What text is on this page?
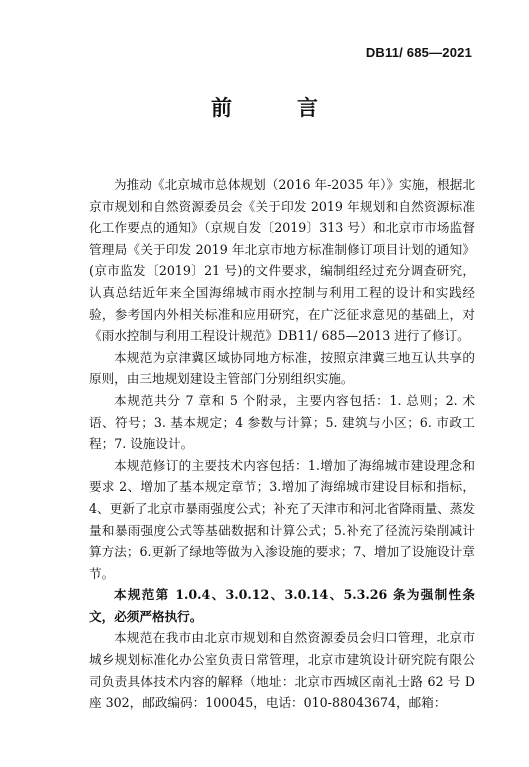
DB11/ 685—2021
前　言

为推动《北京城市总体规划（2016 年-2035 年）》实施，根据北京市规划和自然资源委员会《关于印发 2019 年规划和自然资源标准化工作要点的通知》（京规自发〔2019〕313 号）和北京市市场监督管理局《关于印发 2019 年北京市地方标准制修订项目计划的通知》(京市监发〔2019〕21 号)的文件要求，编制组经过充分调查研究，认真总结近年来全国海绵城市雨水控制与利用工程的设计和实践经验，参考国内外相关标准和应用研究，在广泛征求意见的基础上，对《雨水控制与利用工程设计规范》DB11/ 685—2013 进行了修订。

本规范为京津冀区域协同地方标准，按照京津冀三地互认共享的原则，由三地规划建设主管部门分别组织实施。

本规范共分 7 章和 5 个附录，主要内容包括：1. 总则；2. 术语、符号；3. 基本规定；4 参数与计算；5. 建筑与小区；6. 市政工程；7. 设施设计。

本规范修订的主要技术内容包括：1.增加了海绵城市建设理念和要求 2、增加了基本规定章节；3.增加了海绵城市建设目标和指标，4、更新了北京市暴雨强度公式；补充了天津市和河北省降雨量、蒸发量和暴雨强度公式等基础数据和计算公式；5.补充了径流污染削减计算方法；6.更新了绿地等做为入渗设施的要求；7、增加了设施设计章节。

本规范第 1.0.4、3.0.12、3.0.14、5.3.26 条为强制性条文，必须严格执行。

本规范在我市由北京市规划和自然资源委员会归口管理，北京市城乡规划标准化办公室负责日常管理，北京市建筑设计研究院有限公司负责具体技术内容的解释（地址：北京市西城区南礼士路 62 号 D 座 302，邮政编码：100045，电话：010-88043674，邮箱：
